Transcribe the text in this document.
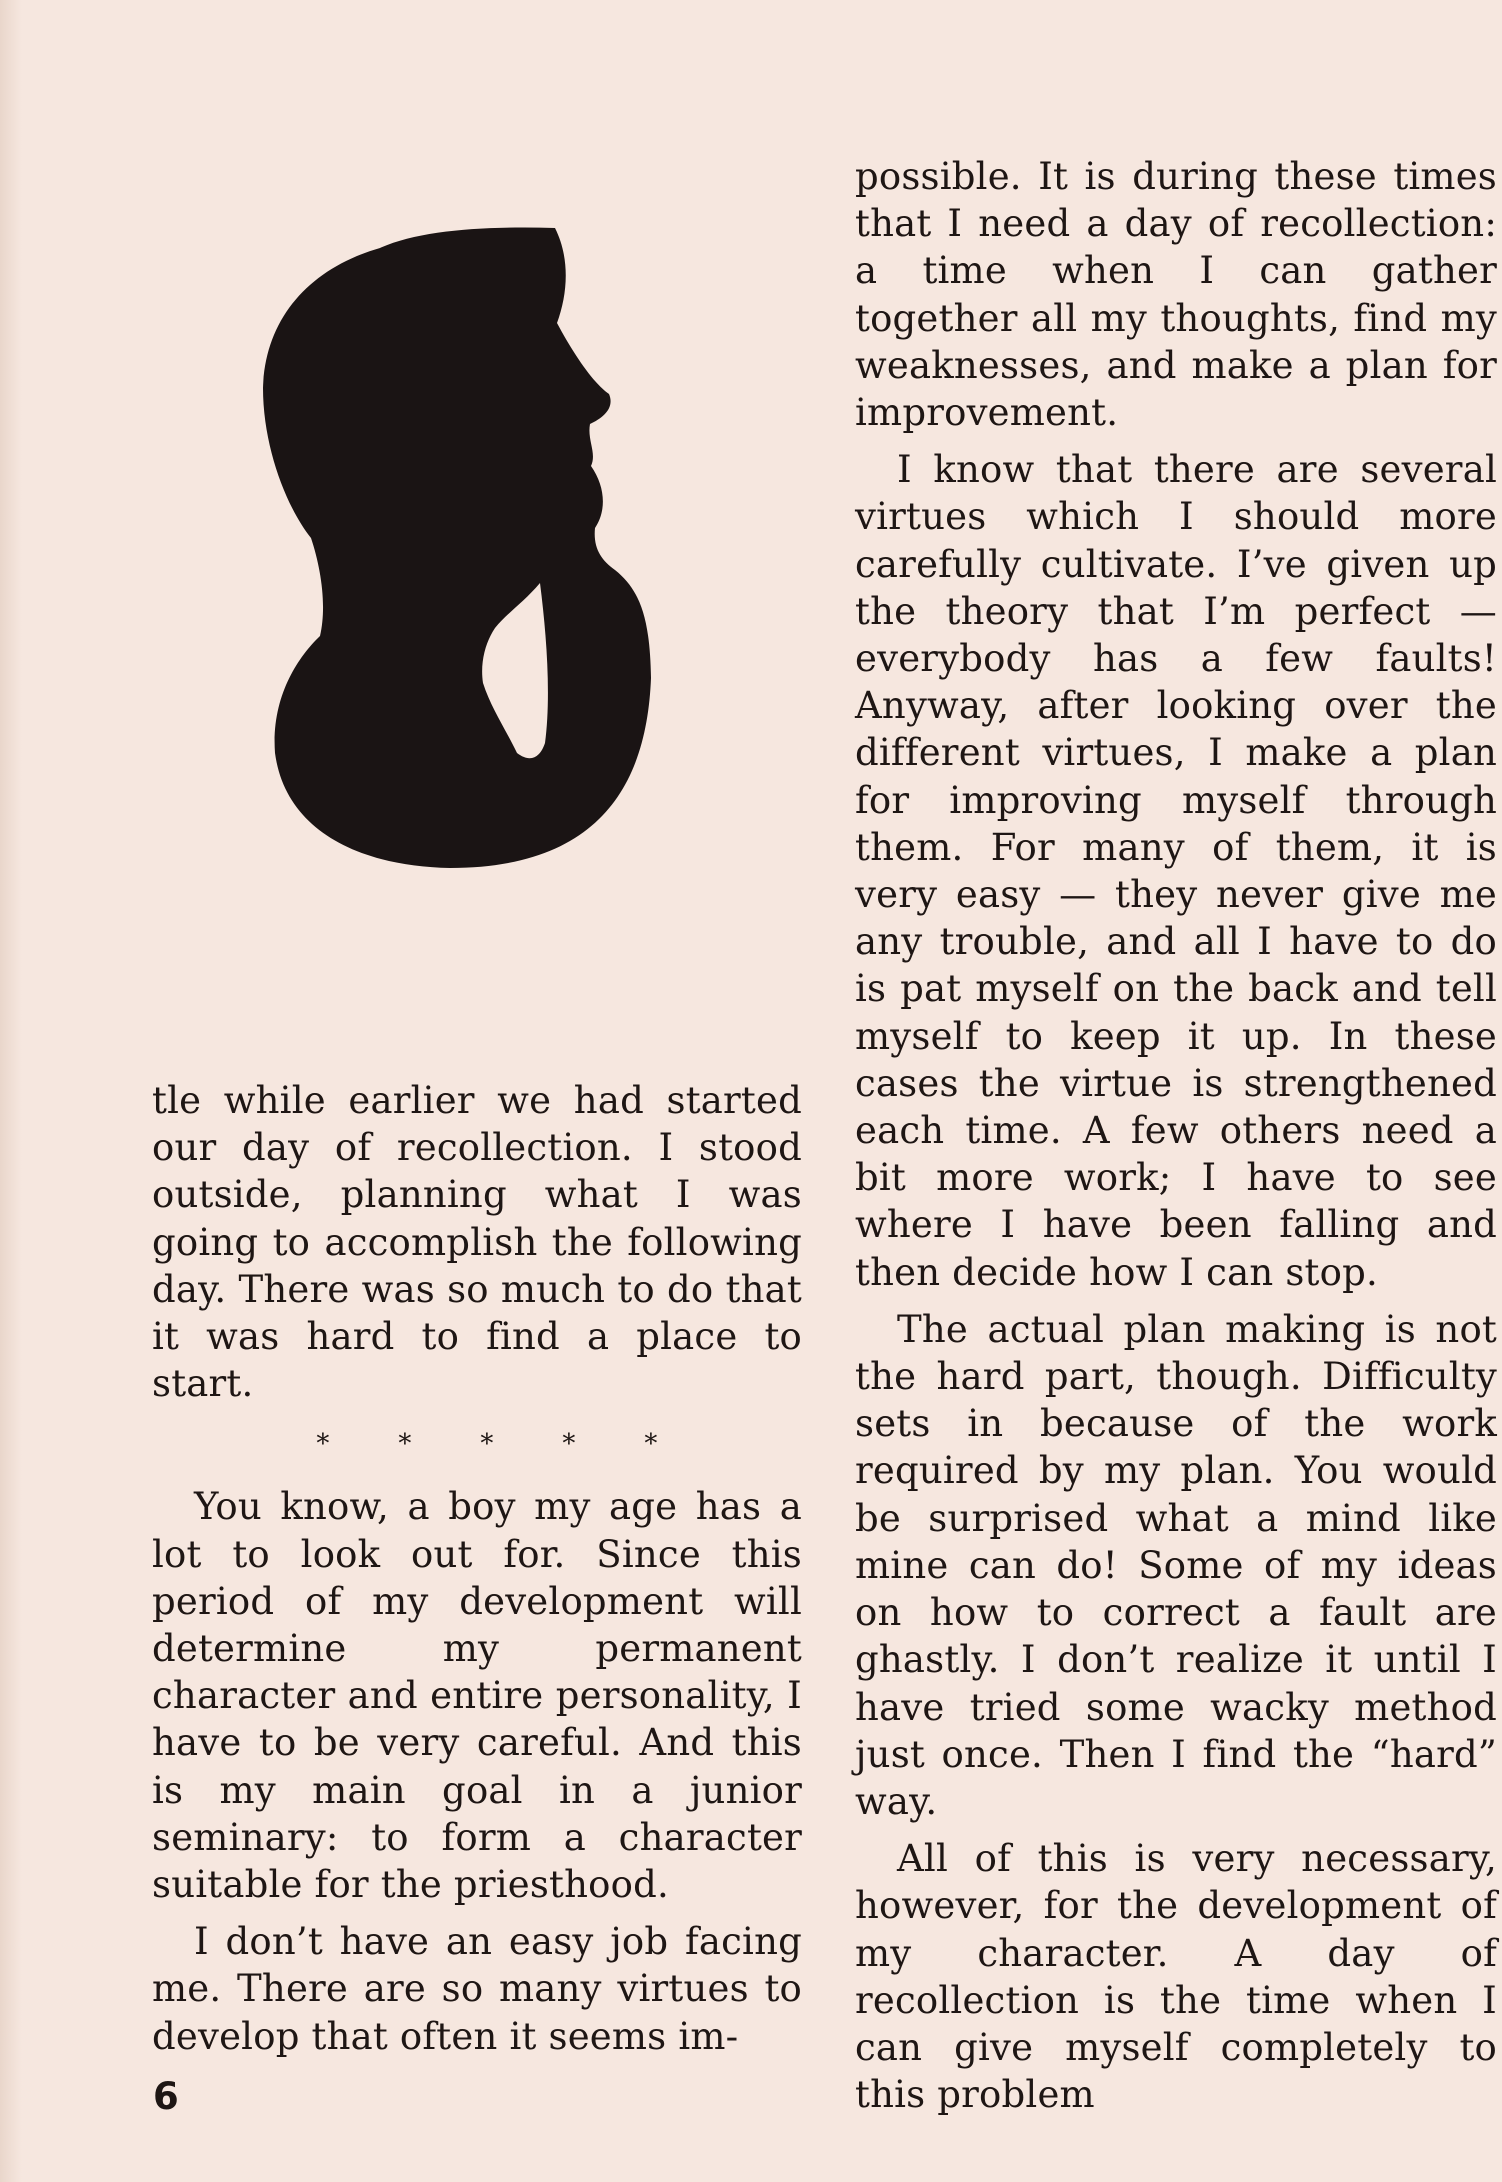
tle while earlier we had started our day of recollection. I stood outside, planning what I was going to accomplish the following day. There was so much to do that it was hard to find a place to start.

*	*	*	*	*

You know, a boy my age has a lot to look out for. Since this period of my development will determine my permanent character and entire personality, I have to be very careful. And this is my main goal in a junior seminary: to form a character suitable for the priesthood.

I don’t have an easy job facing me. There are so many virtues to develop that often it seems im-

possible. It is during these times that I need a day of recollection: a time when I can gather together all my thoughts, find my weaknesses, and make a plan for improvement.

I know that there are several virtues which I should more carefully cultivate. I’ve given up the theory that I’m perfect — everybody has a few faults! Anyway, after looking over the different virtues, I make a plan for improving myself through them. For many of them, it is very easy — they never give me any trouble, and all I have to do is pat myself on the back and tell myself to keep it up. In these cases the virtue is strengthened each time. A few others need a bit more work; I have to see where I have been falling and then decide how I can stop.

The actual plan making is not the hard part, though. Difficulty sets in because of the work required by my plan. You would be surprised what a mind like mine can do! Some of my ideas on how to correct a fault are ghastly. I don’t realize it until I have tried some wacky method just once. Then I find the “hard” way.

All of this is very necessary, however, for the development of my character. A day of recollection is the time when I can give myself completely to this problem

6
